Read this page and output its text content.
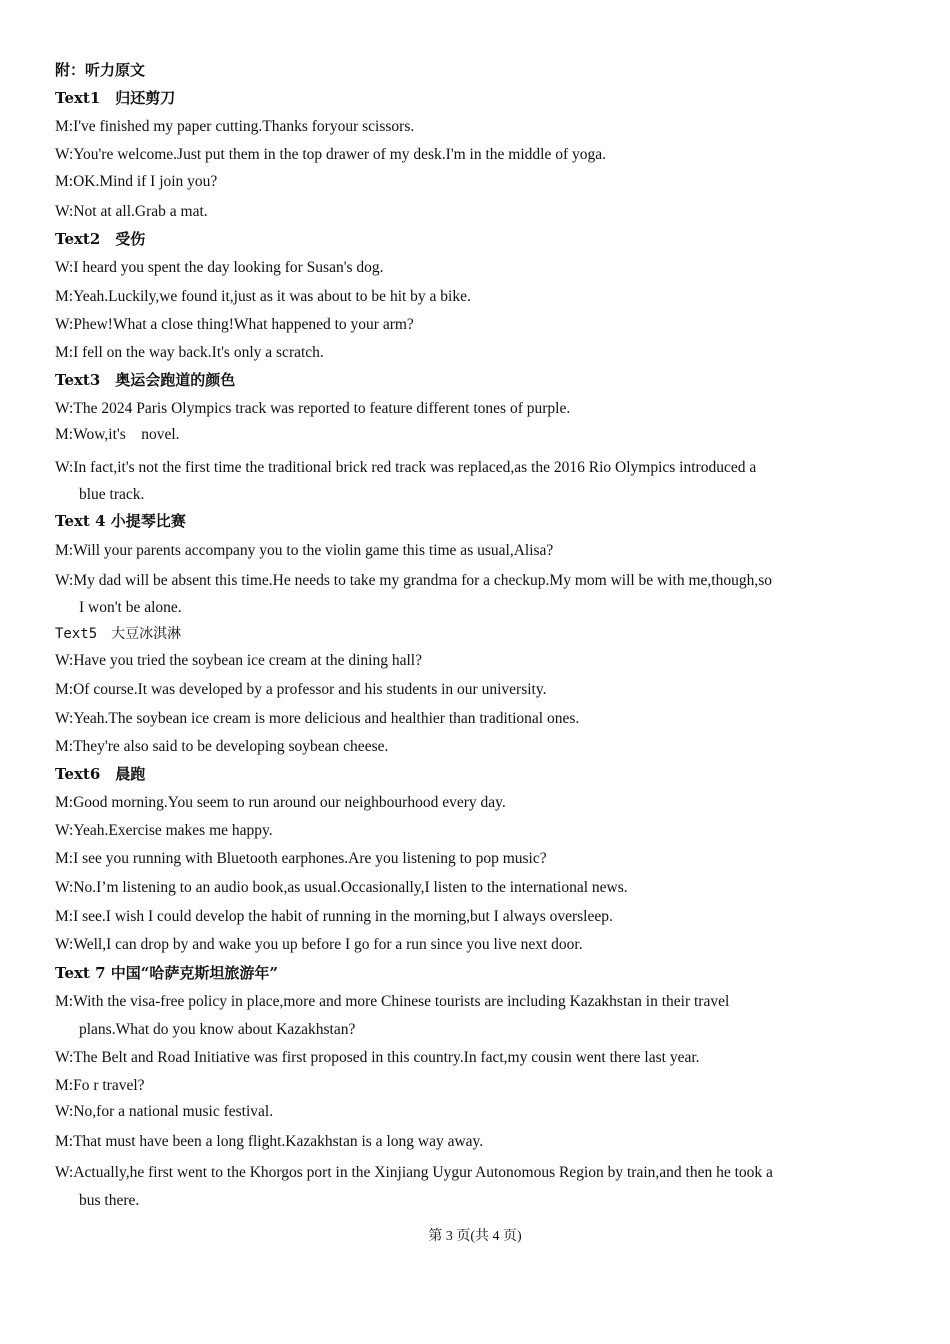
附：听力原文
Text1　归还剪刀
M:I've finished my paper cutting.Thanks foryour scissors.
W:You're welcome.Just put them in the top drawer of my desk.I'm in the middle of yoga.
M:OK.Mind if I join you?
W:Not at all.Grab a mat.
Text2　受伤
W:I heard you spent the day looking for Susan's dog.
M:Yeah.Luckily,we found it,just as it was about to be hit by a bike.
W:Phew!What a close thing!What happened to your arm?
M:I fell on the way back.It's only a scratch.
Text3　奥运会跑道的颜色
W:The 2024 Paris Olympics track was reported to feature different tones of purple.
M:Wow,it's　novel.
W:In fact,it's not the first time the traditional brick red track was replaced,as the 2016 Rio Olympics introduced a
blue track.
Text 4 小提琴比赛
M:Will your parents accompany you to the violin game this time as usual,Alisa?
W:My dad will be absent this time.He needs to take my grandma for a checkup.My mom will be with me,though,so
I won't be alone.
Text5　大豆冰淇淋
W:Have you tried the soybean ice cream at the dining hall?
M:Of course.It was developed by a professor and his students in our university.
W:Yeah.The soybean ice cream is more delicious and healthier than traditional ones.
M:They're also said to be developing soybean cheese.
Text6　晨跑
M:Good morning.You seem to run around our neighbourhood every day.
W:Yeah.Exercise makes me happy.
M:I see you running with Bluetooth earphones.Are you listening to pop music?
W:No.I’m listening to an audio book,as usual.Occasionally,I listen to the international news.
M:I see.I wish I could develop the habit of running in the morning,but I always oversleep.
W:Well,I can drop by and wake you up before I go for a run since you live next door.
Text 7 中国“哈萨克斯坦旅游年”
M:With the visa-free policy in place,more and more Chinese tourists are including Kazakhstan in their travel
plans.What do you know about Kazakhstan?
W:The Belt and Road Initiative was first proposed in this country.In fact,my cousin went there last year.
M:Fo r travel?
W:No,for a national music festival.
M:That must have been a long flight.Kazakhstan is a long way away.
W:Actually,he first went to the Khorgos port in the Xinjiang Uygur Autonomous Region by train,and then he took a
bus there.
第 3 页(共 4 页)
